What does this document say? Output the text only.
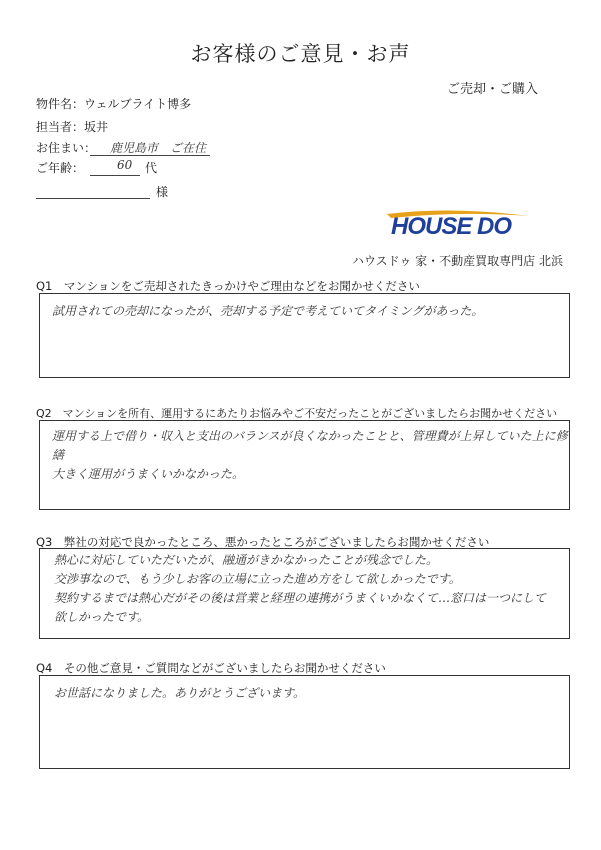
お客様のご意見・お声
ご売却・ご購入
物件名：ウェルブライト博多
担当者：坂井
お住まい： 鹿児島市　ご在住
ご年齢：	60 代
様
HOUSE DO
ハウスドゥ 家・不動産買取専門店 北浜
Q1　マンションをご売却されたきっかけやご理由などをお聞かせください
試用されての売却になったが、売却する予定で考えていてタイミングがあった。
Q2　マンションを所有、運用するにあたりお悩みやご不安だったことがございましたらお聞かせください
運用する上で借り・収入と支出のバランスが良くなかったことと、管理費が上昇していた上に修繕
大きく運用がうまくいかなかった。
Q3　弊社の対応で良かったところ、悪かったところがございましたらお聞かせください
熱心に対応していただいたが、融通がきかなかったことが残念でした。
交渉事なので、もう少しお客の立場に立った進め方をして欲しかったです。
契約するまでは熱心だがその後は営業と経理の連携がうまくいかなくて…窓口は一つにして
欲しかったです。
Q4　その他ご意見・ご質問などがございましたらお聞かせください
お世話になりました。ありがとうございます。
